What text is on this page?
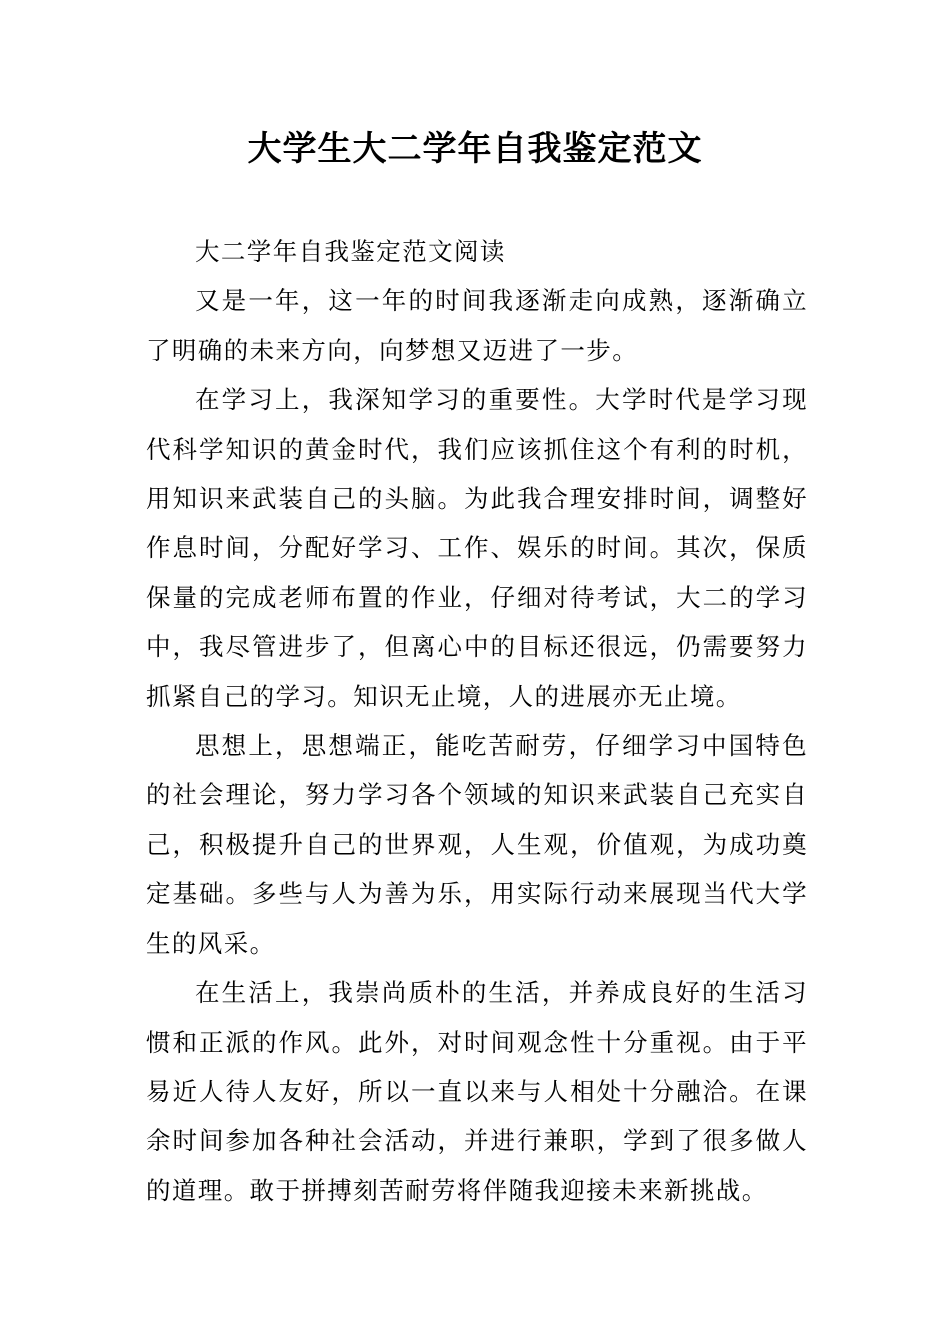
大学生大二学年自我鉴定范文

大二学年自我鉴定范文阅读

又是一年，这一年的时间我逐渐走向成熟，逐渐确立了明确的未来方向，向梦想又迈进了一步。

在学习上，我深知学习的重要性。大学时代是学习现代科学知识的黄金时代，我们应该抓住这个有利的时机，用知识来武装自己的头脑。为此我合理安排时间，调整好作息时间，分配好学习、工作、娱乐的时间。其次，保质保量的完成老师布置的作业，仔细对待考试，大二的学习中，我尽管进步了，但离心中的目标还很远，仍需要努力抓紧自己的学习。知识无止境，人的进展亦无止境。

思想上，思想端正，能吃苦耐劳，仔细学习中国特色的社会理论，努力学习各个领域的知识来武装自己充实自己，积极提升自己的世界观，人生观，价值观，为成功奠定基础。多些与人为善为乐，用实际行动来展现当代大学生的风采。

在生活上，我崇尚质朴的生活，并养成良好的生活习惯和正派的作风。此外，对时间观念性十分重视。由于平易近人待人友好，所以一直以来与人相处十分融洽。在课余时间参加各种社会活动，并进行兼职，学到了很多做人的道理。敢于拼搏刻苦耐劳将伴随我迎接未来新挑战。
